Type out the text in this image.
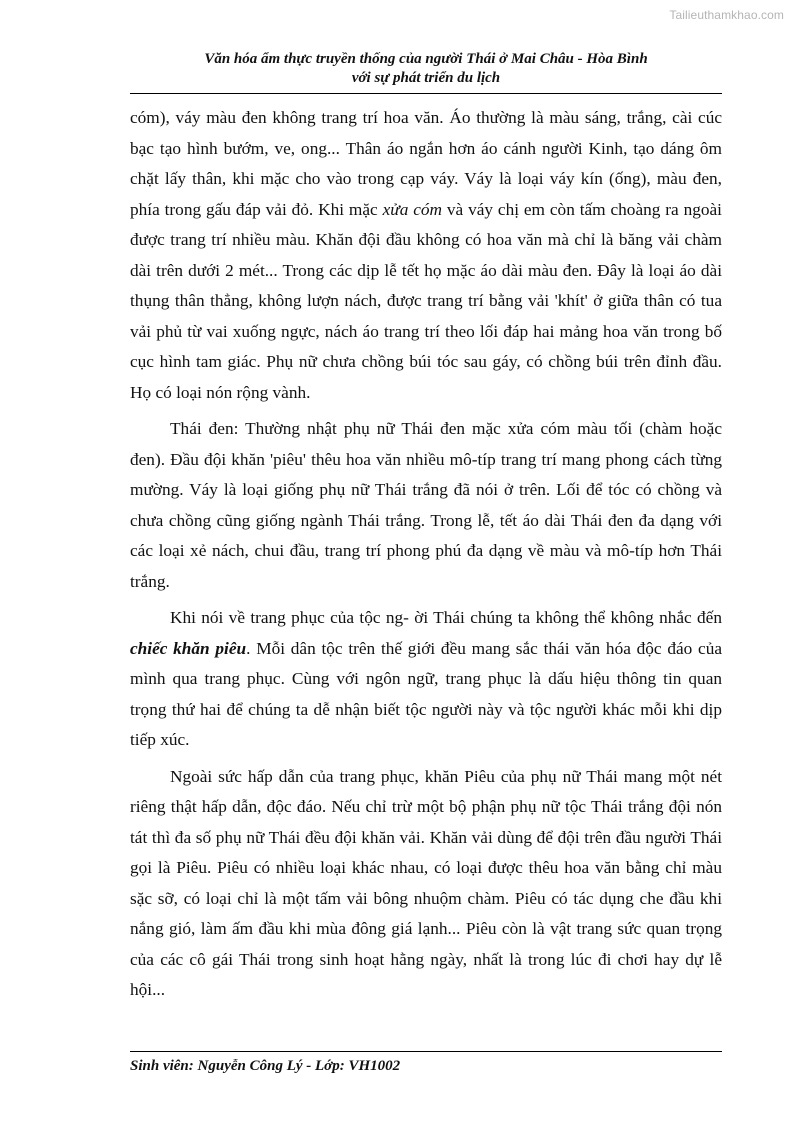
Tailieuthamkhao.com
Văn hóa ẩm thực truyền thống của người Thái ở Mai Châu - Hòa Bình
với sự phát triển du lịch

cóm), váy màu đen không trang trí hoa văn. Áo thường là màu sáng, trắng, cài cúc bạc tạo hình bướm, ve, ong... Thân áo ngắn hơn áo cánh người Kinh, tạo dáng ôm chặt lấy thân, khi mặc cho vào trong cạp váy. Váy là loại váy kín (ống), màu đen, phía trong gấu đáp vải đỏ. Khi mặc xửa cóm và váy chị em còn tấm choàng ra ngoài được trang trí nhiều màu. Khăn đội đầu không có hoa văn mà chỉ là băng vải chàm dài trên dưới 2 mét... Trong các dịp lễ tết họ mặc áo dài màu đen. Đây là loại áo dài thụng thân thẳng, không lượn nách, được trang trí bằng vải 'khít' ở giữa thân có tua vải phủ từ vai xuống ngực, nách áo trang trí theo lối đáp hai mảng hoa văn trong bố cục hình tam giác. Phụ nữ chưa chồng búi tóc sau gáy, có chồng búi trên đỉnh đầu. Họ có loại nón rộng vành.

Thái đen: Thường nhật phụ nữ Thái đen mặc xửa cóm màu tối (chàm hoặc đen). Đầu đội khăn 'piêu' thêu hoa văn nhiều mô-típ trang trí mang phong cách từng mường. Váy là loại giống phụ nữ Thái trắng đã nói ở trên. Lối để tóc có chồng và chưa chồng cũng giống ngành Thái trắng. Trong lễ, tết áo dài Thái đen đa dạng với các loại xẻ nách, chui đầu, trang trí phong phú đa dạng về màu và mô-típ hơn Thái trắng.

Khi nói về trang phục của tộc ng- ời Thái chúng ta không thể không nhắc đến chiếc khăn piêu. Mỗi dân tộc trên thế giới đều mang sắc thái văn hóa độc đáo của mình qua trang phục. Cùng với ngôn ngữ, trang phục là dấu hiệu thông tin quan trọng thứ hai để chúng ta dễ nhận biết tộc người này và tộc người khác mỗi khi dịp tiếp xúc.

Ngoài sức hấp dẫn của trang phục, khăn Piêu của phụ nữ Thái mang một nét riêng thật hấp dẫn, độc đáo. Nếu chỉ trừ một bộ phận phụ nữ tộc Thái trắng đội nón tát thì đa số phụ nữ Thái đều đội khăn vải. Khăn vải dùng để đội trên đầu người Thái gọi là Piêu. Piêu có nhiều loại khác nhau, có loại được thêu hoa văn bằng chỉ màu sặc sỡ, có loại chỉ là một tấm vải bông nhuộm chàm. Piêu có tác dụng che đầu khi nắng gió, làm ấm đầu khi mùa đông giá lạnh... Piêu còn là vật trang sức quan trọng của các cô gái Thái trong sinh hoạt hằng ngày, nhất là trong lúc đi chơi hay dự lễ hội...

Sinh viên: Nguyễn Công Lý - Lớp: VH1002
